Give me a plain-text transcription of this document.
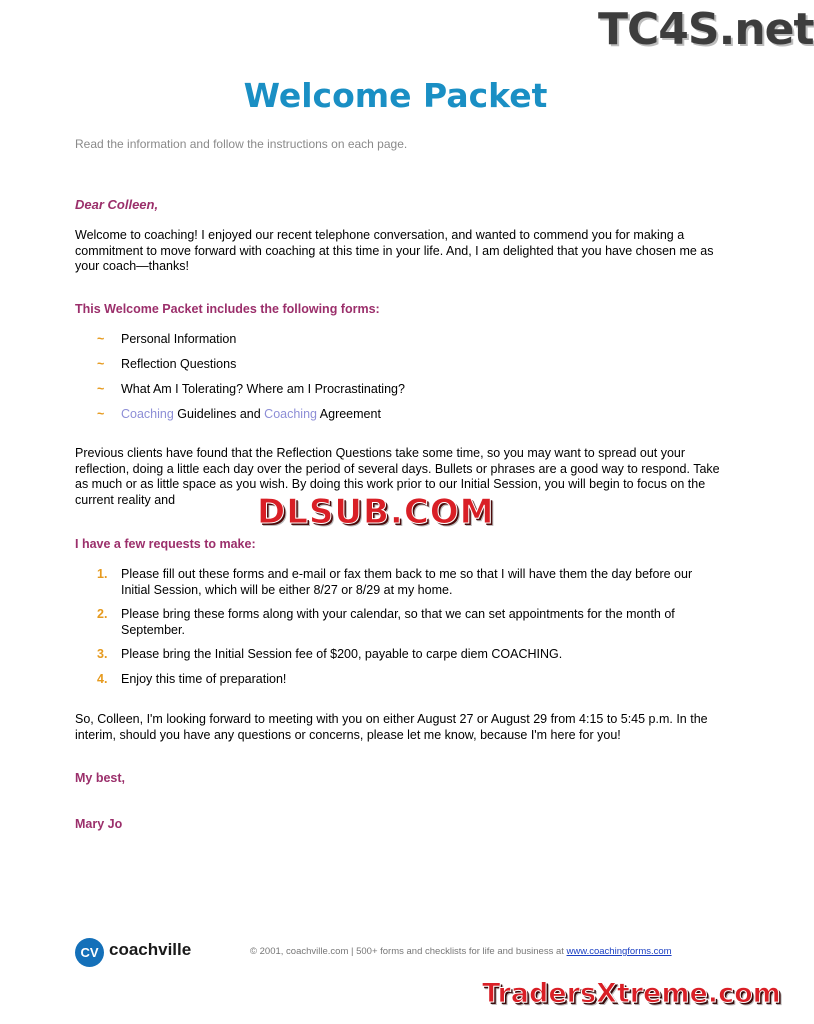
TC4S.net
Welcome Packet
Read the information and follow the instructions on each page.
Dear Colleen,
Welcome to coaching! I enjoyed our recent telephone conversation, and wanted to commend you for making a commitment to move forward with coaching at this time in your life. And, I am delighted that you have chosen me as your coach—thanks!
This Welcome Packet includes the following forms:
~ Personal Information
~ Reflection Questions
~ What Am I Tolerating? Where am I Procrastinating?
~ Coaching Guidelines and Coaching Agreement
Previous clients have found that the Reflection Questions take some time, so you may want to spread out your reflection, doing a little each day over the period of several days. Bullets or phrases are a good way to respond. Take as much or as little space as you wish. By doing this work prior to our Initial Session, you will begin to focus on the current reality and	DLSUB.COM
I have a few requests to make:
1. Please fill out these forms and e-mail or fax them back to me so that I will have them the day before our Initial Session, which will be either 8/27 or 8/29 at my home.
2. Please bring these forms along with your calendar, so that we can set appointments for the month of September.
3. Please bring the Initial Session fee of $200, payable to carpe diem COACHING.
4. Enjoy this time of preparation!
So, Colleen, I'm looking forward to meeting with you on either August 27 or August 29 from 4:15 to 5:45 p.m. In the interim, should you have any questions or concerns, please let me know, because I'm here for you!
My best,
Mary Jo
CV coachville	© 2001, coachville.com | 500+ forms and checklists for life and business at www.coachingforms.com
TradersXtreme.com
